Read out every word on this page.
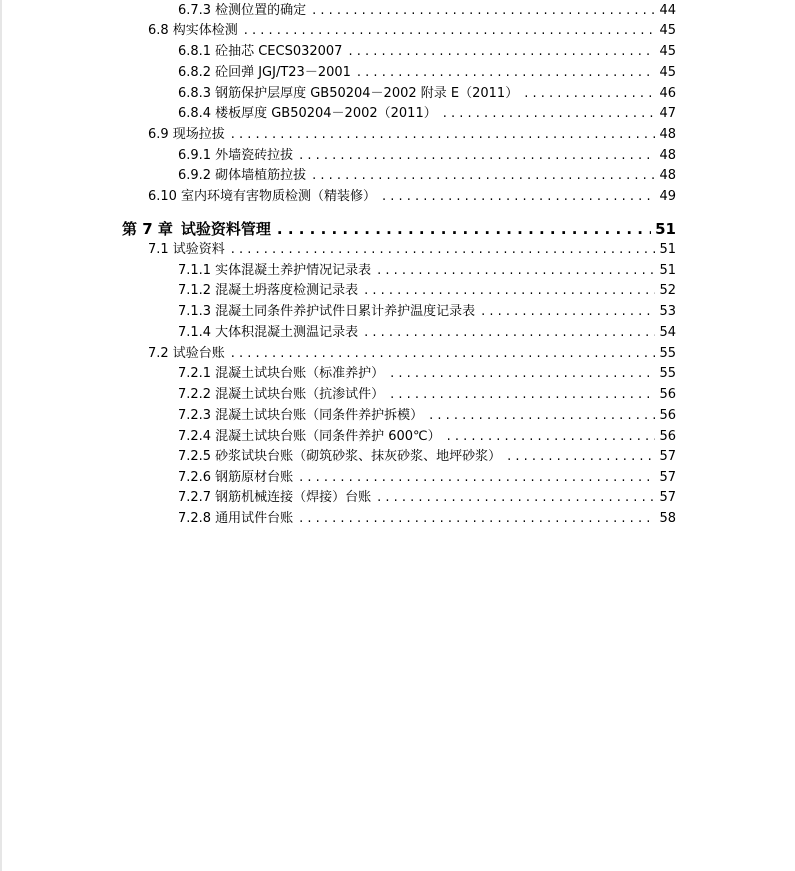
6.7.3 检测位置的确定 . . .	44
6.8 构实体检测 . . .	45
6.8.1 砼抽芯 CECS032007 . . .	45
6.8.2 砼回弹 JGJ/T23－2001 . . .	45
6.8.3 钢筋保护层厚度 GB50204－2002 附录 E（2011） . . .	46
6.8.4 楼板厚度 GB50204－2002（2011） . . .	47
6.9 现场拉拔 . . .	48
6.9.1 外墙瓷砖拉拔 . . .	48
6.9.2 砌体墙植筋拉拔 . . .	48
6.10 室内环境有害物质检测（精装修） . . .	49
第 7 章 试验资料管理 . . .	51
7.1 试验资料 . . .	51
7.1.1 实体混凝土养护情况记录表 . . .	51
7.1.2 混凝土坍落度检测记录表 . . .	52
7.1.3 混凝土同条件养护试件日累计养护温度记录表 . . .	53
7.1.4 大体积混凝土测温记录表 . . .	54
7.2 试验台账 . . .	55
7.2.1 混凝土试块台账（标准养护） . . .	55
7.2.2 混凝土试块台账（抗渗试件） . . .	56
7.2.3 混凝土试块台账（同条件养护拆模） . . .	56
7.2.4 混凝土试块台账（同条件养护 600℃） . . .	56
7.2.5 砂浆试块台账（砌筑砂浆、抹灰砂浆、地坪砂浆） . . .	57
7.2.6 钢筋原材台账 . . .	57
7.2.7 钢筋机械连接（焊接）台账 . . .	57
7.2.8 通用试件台账 . . .	58
